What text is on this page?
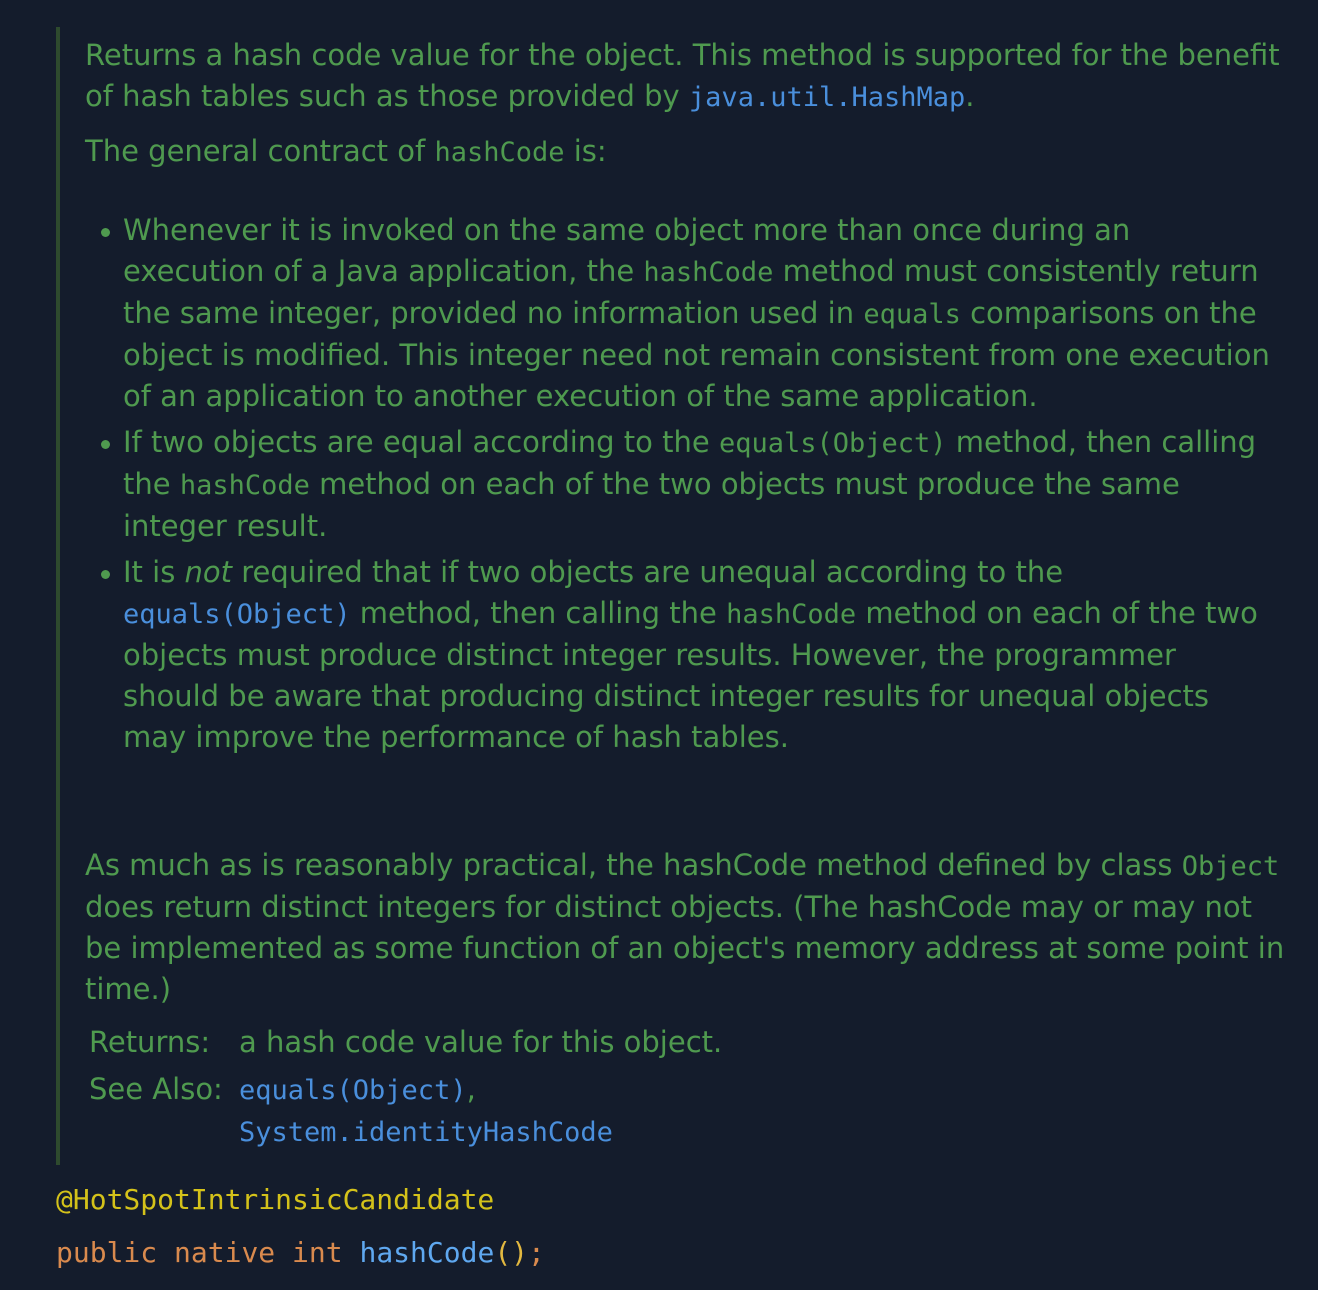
Returns a hash code value for the object. This method is supported for the benefit of hash tables such as those provided by java.util.HashMap.

The general contract of hashCode is:

Whenever it is invoked on the same object more than once during an execution of a Java application, the hashCode method must consistently return the same integer, provided no information used in equals comparisons on the object is modified. This integer need not remain consistent from one execution of an application to another execution of the same application.
If two objects are equal according to the equals(Object) method, then calling the hashCode method on each of the two objects must produce the same integer result.
It is not required that if two objects are unequal according to the equals(Object) method, then calling the hashCode method on each of the two objects must produce distinct integer results. However, the programmer should be aware that producing distinct integer results for unequal objects may improve the performance of hash tables.

As much as is reasonably practical, the hashCode method defined by class Object does return distinct integers for distinct objects. (The hashCode may or may not be implemented as some function of an object's memory address at some point in time.)

Returns: a hash code value for this object.
See Also: equals(Object),
System.identityHashCode
@HotSpotIntrinsicCandidate
public native int hashCode();
